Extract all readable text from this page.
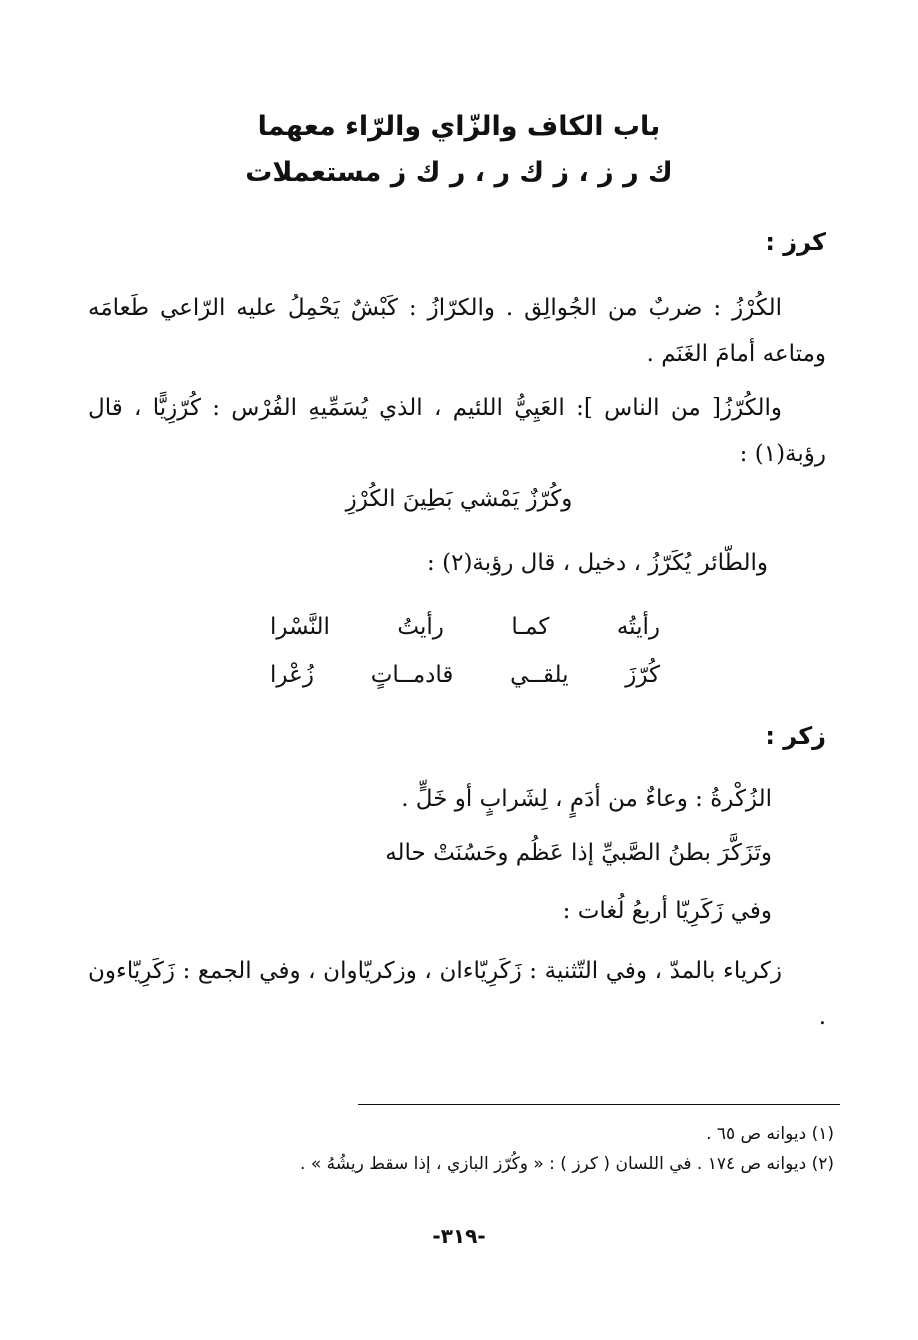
باب الكاف والزّاي والرّاء معهما
ك ر ز ، ز ك ر ، ر ك ز مستعملات
كرز :
الكُرْزُ : ضربٌ من الجُوالِق . والكرّازُ : كَبْشٌ يَحْمِلُ عليه الرّاعي طَعامَه ومتاعه أمامَ الغَنَم .
والكُرّزُ[ من الناس ]: العَيِيُّ اللئيم ، الذي يُسَمِّيهِ الفُرْس : كُرّزِيًّا ، قال رؤبة(١) :
وكُرّزٌ يَمْشي بَطِينَ الكُرْزِ
والطّائر يُكَرّزُ ، دخيل ، قال رؤبة(٢) :
رأيتُه
كمـا
رأيتُ
النَّسْرا
كُرّزَ
يلقــي
قادمــاتٍ
زُعْرا
زكر :
الزُكْرةُ : وعاءٌ من أدَمٍ ، لِشَرابٍ أو خَلٍّ .
وتَزَكَّرَ بطنُ الصَّبيِّ إذا عَظُم وحَسُنَتْ حاله
وفي زَكَرِيّا أربعُ لُغات :
زكرياء بالمدّ ، وفي التّثنية : زَكَرِيّاءان ، وزكريّاوان ، وفي الجمع : زَكَرِيّاءون .
(١) ديوانه ص ٦٥ .
(٢) ديوانه ص ١٧٤ . في اللسان ( كرز ) : « وكُرّز البازي ، إذا سقط ريشُهُ » .
-٣١٩-
